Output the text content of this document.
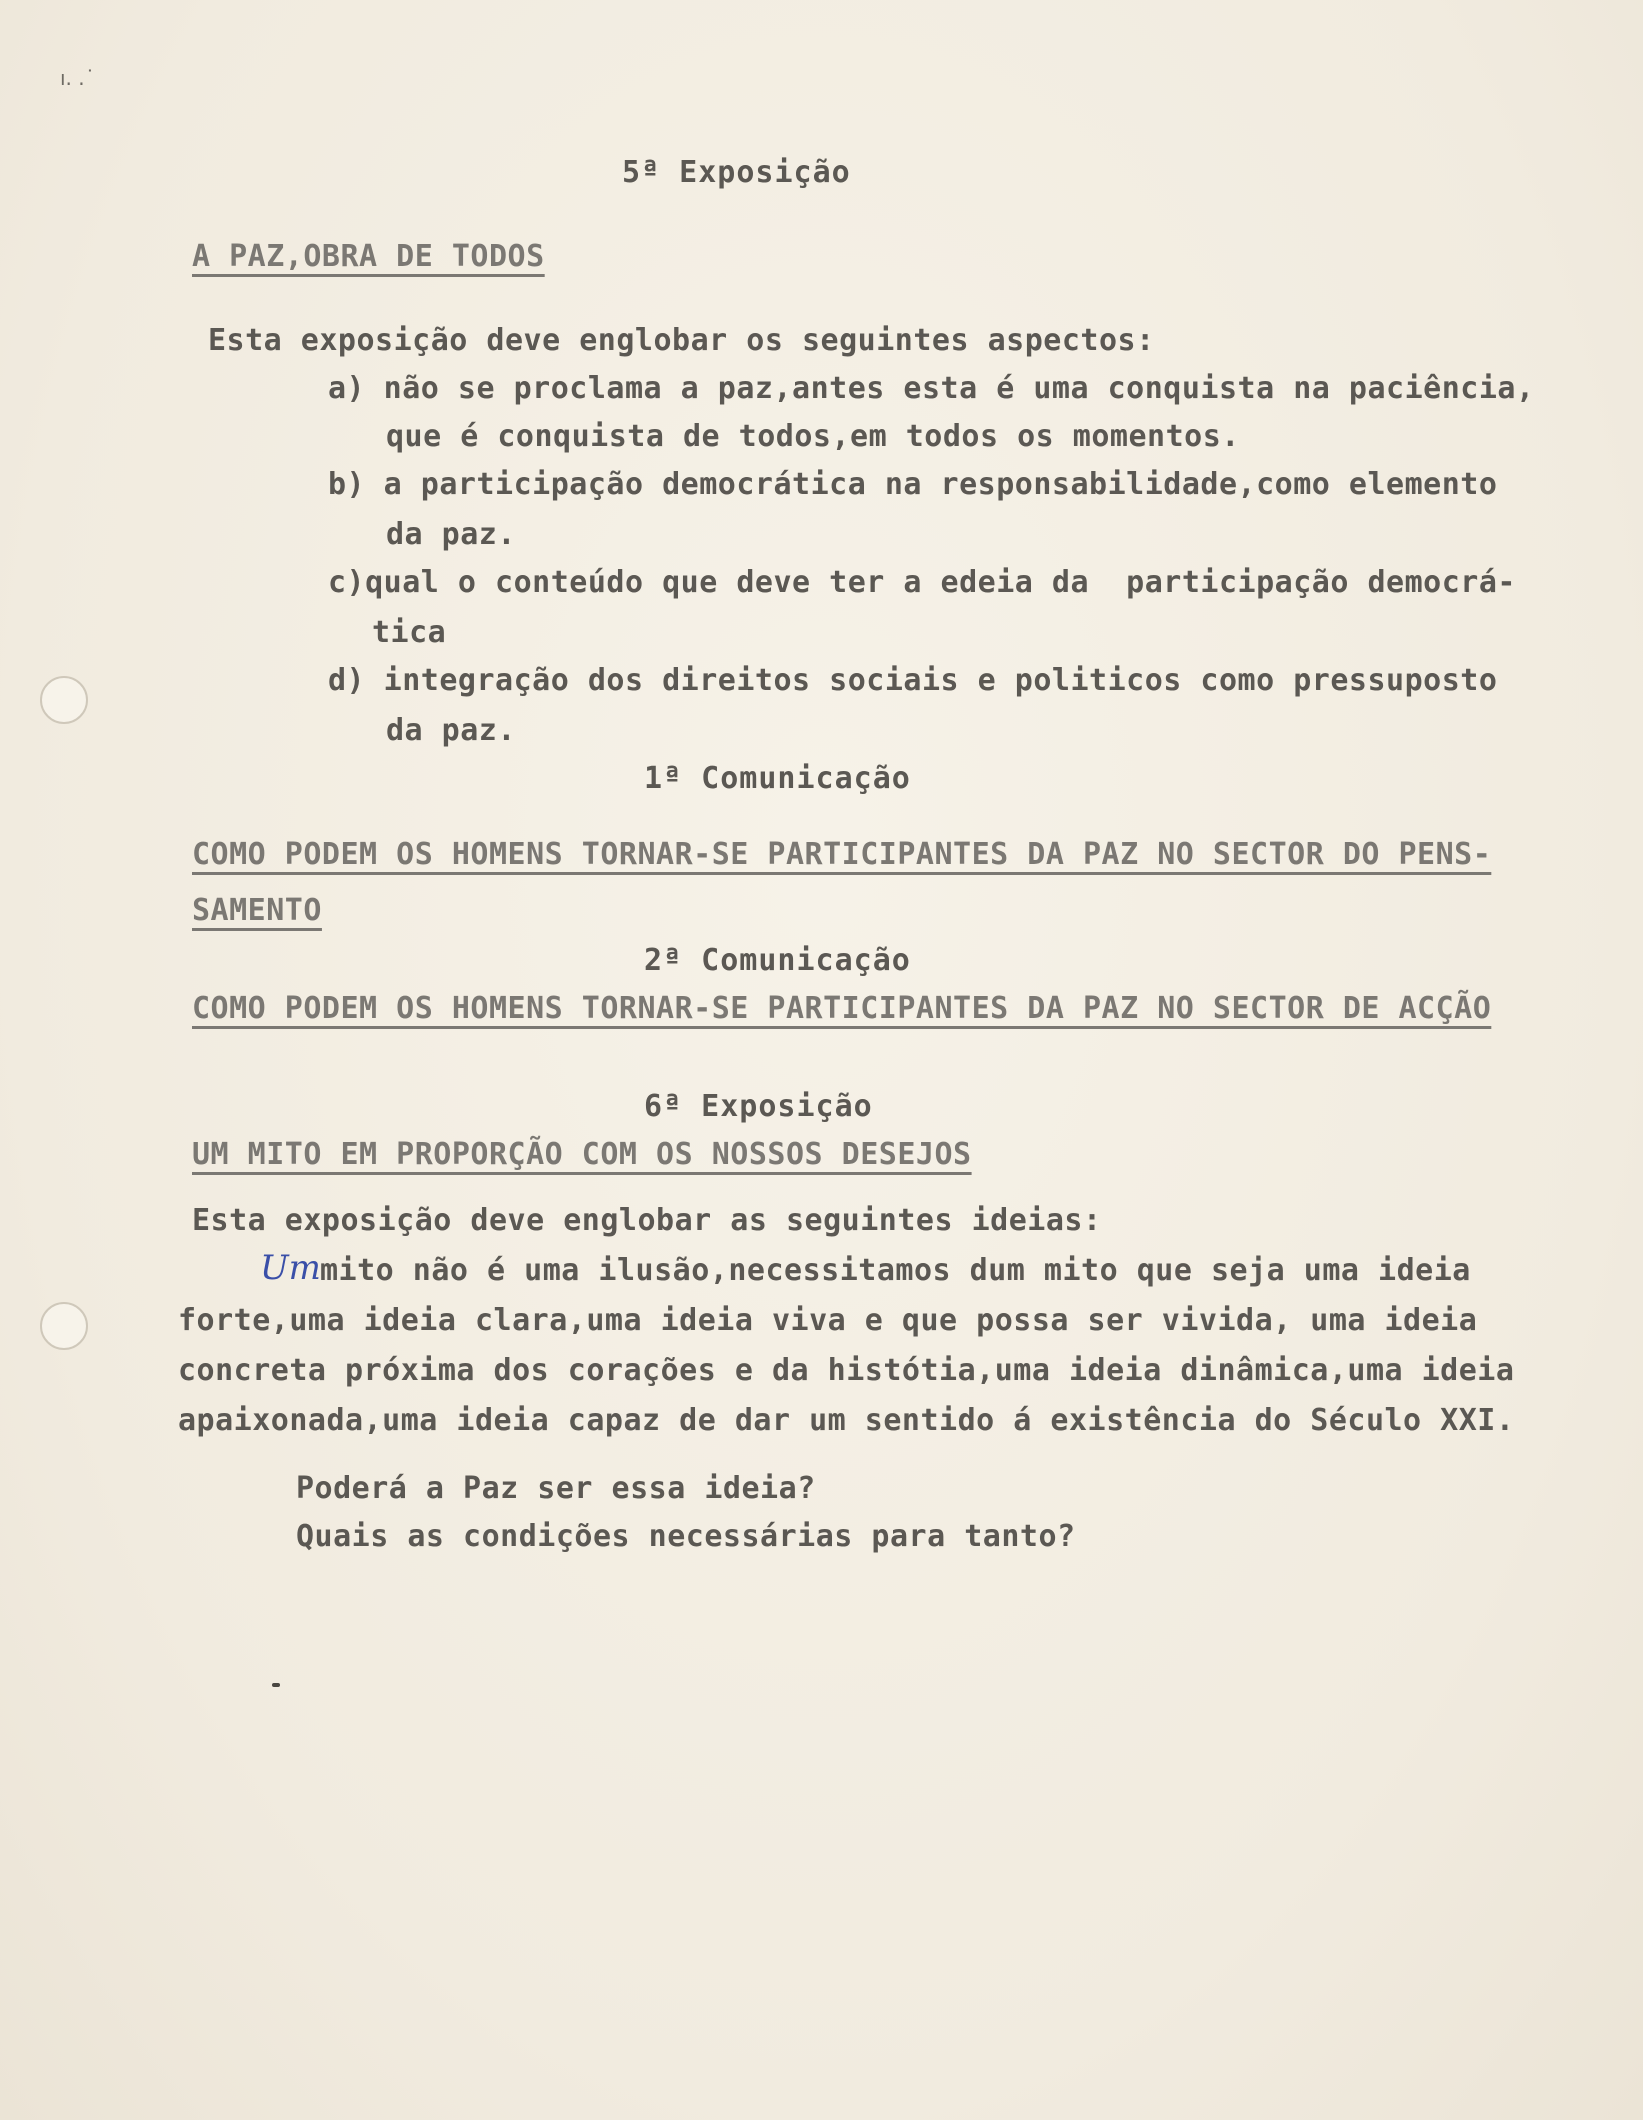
ı. . ͘
5ª Exposição
A PAZ,OBRA DE TODOS
Esta exposição deve englobar os seguintes aspectos:
a) não se proclama a paz,antes esta é uma conquista na paciência,
que é conquista de todos,em todos os momentos.
b) a participação democrática na responsabilidade,como elemento
da paz.
c)qual o conteúdo que deve ter a edeia da  participação democrá-
tica
d) integração dos direitos sociais e politicos como pressuposto
da paz.
1ª Comunicação
COMO PODEM OS HOMENS TORNAR-SE PARTICIPANTES DA PAZ NO SECTOR DO PENS-
SAMENTO
2ª Comunicação
COMO PODEM OS HOMENS TORNAR-SE PARTICIPANTES DA PAZ NO SECTOR DE ACÇÃO
6ª Exposição
UM MITO EM PROPORÇÃO COM OS NOSSOS DESEJOS
Esta exposição deve englobar as seguintes ideias:
Um mito não é uma ilusão,necessitamos dum mito que seja uma ideia
forte,uma ideia clara,uma ideia viva e que possa ser vivida, uma ideia
concreta próxima dos corações e da histótia,uma ideia dinâmica,uma ideia
apaixonada,uma ideia capaz de dar um sentido á existência do Século XXI.
Poderá a Paz ser essa ideia?
Quais as condições necessárias para tanto?
